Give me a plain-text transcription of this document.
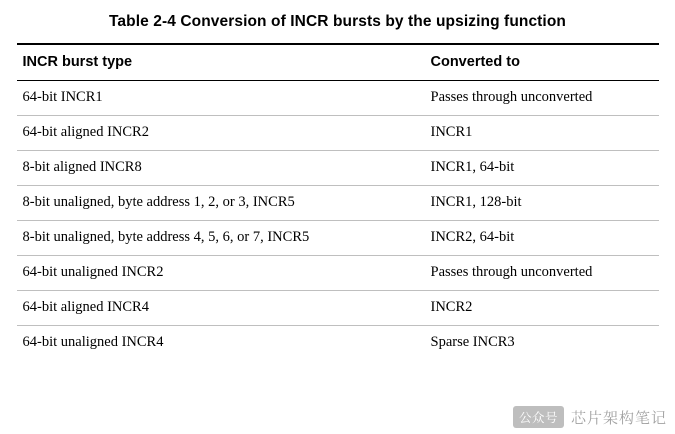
Table 2-4 Conversion of INCR bursts by the upsizing function
INCR burst type	Converted to
64-bit INCR1	Passes through unconverted
64-bit aligned INCR2	INCR1
8-bit aligned INCR8	INCR1, 64-bit
8-bit unaligned, byte address 1, 2, or 3, INCR5	INCR1, 128-bit
8-bit unaligned, byte address 4, 5, 6, or 7, INCR5	INCR2, 64-bit
64-bit unaligned INCR2	Passes through unconverted
64-bit aligned INCR4	INCR2
64-bit unaligned INCR4	Sparse INCR3
公众号 芯片架构笔记
